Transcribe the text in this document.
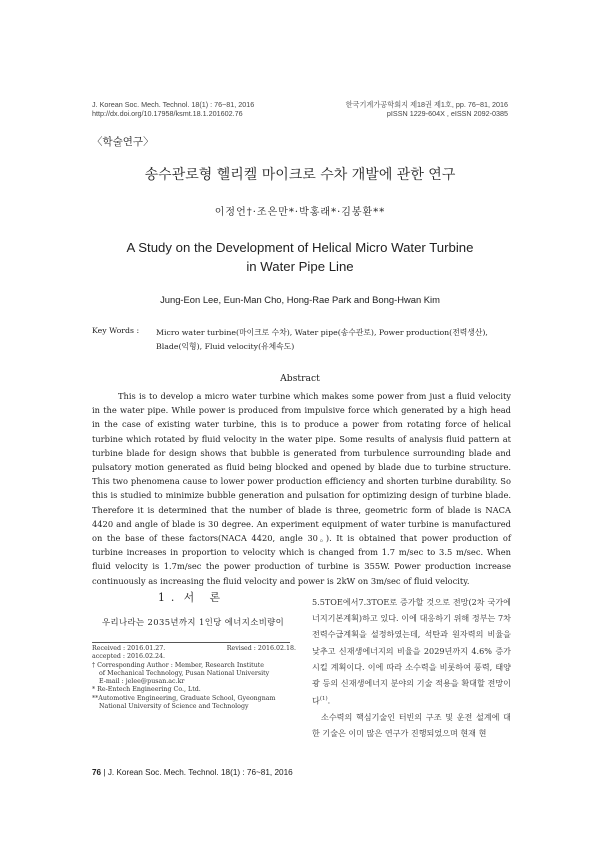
J. Korean Soc. Mech. Technol. 18(1) : 76~81, 2016
http://dx.doi.org/10.17958/ksmt.18.1.201602.76
한국기계가공학회지 제18권 제1호, pp. 76~81, 2016
pISSN 1229-604X , eISSN 2092-0385
〈학술연구〉
송수관로형 헬리켈 마이크로 수차 개발에 관한 연구
이정언†·조은만*·박홍래*·김봉환**
A Study on the Development of Helical Micro Water Turbine in Water Pipe Line
Jung-Eon Lee, Eun-Man Cho, Hong-Rae Park and Bong-Hwan Kim
Key Words : Micro water turbine(마이크로 수차), Water pipe(송수관로), Power production(전력생산), Blade(익형), Fluid velocity(유체속도)
Abstract

This is to develop a micro water turbine which makes some power from just a fluid velocity in the water pipe. While power is produced from impulsive force which generated by a high head in the case of existing water turbine, this is to produce a power from rotating force of helical turbine which rotated by fluid velocity in the water pipe. Some results of analysis fluid pattern at turbine blade for design shows that bubble is generated from turbulence surrounding blade and pulsatory motion generated as fluid being blocked and opened by blade due to turbine structure. This two phenomena cause to lower power production efficiency and shorten turbine durability. So this is studied to minimize bubble generation and pulsation for optimizing design of turbine blade. Therefore it is determined that the number of blade is three, geometric form of blade is NACA 4420 and angle of blade is 30 degree. An experiment equipment of water turbine is manufactured on the base of these factors(NACA 4420, angle 30。). It is obtained that power production of turbine increases in proportion to velocity which is changed from 1.7 m/sec to 3.5 m/sec. When fluid velocity is 1.7m/sec the power production of turbine is 355W. Power production increase continuously as increasing the fluid velocity and power is 2kW on 3m/sec of fluid velocity.

1. 서 론
우리나라는 2035년까지 1인당 에너지소비량이
Received : 2016.01.27.	Revised : 2016.02.18.
accepted : 2016.02.24.
† Corresponding Author : Member, Research Institute
of Mechanical Technology, Pusan National University
E-mail : jelee@pusan.ac.kr
* Re-Entech Engineering Co., Ltd.
**Automotive Engineering, Graduate School, Gyeongnam
National University of Science and Technology

5.5TOE에서7.3TOE로 증가할 것으로 전망(2차 국가에너지기본계획)하고 있다. 이에 대응하기 위해 정부는 7차 전력수급계획을 설정하였는데, 석탄과 원자력의 비율을 낮추고 신재생에너지의 비율을 2029년까지 4.6% 증가시킬 계획이다. 이에 따라 소수력을 비롯하여 풍력, 태양광 등의 신재생에너지 분야의 기술 적용을 확대할 전망이다$^{(1)}$.

소수력의 핵심기술인 터빈의 구조 및 운전 설계에 대한 기술은 이미 많은 연구가 진행되었으며 현재 현

76 | J. Korean Soc. Mech. Technol. 18(1) : 76~81, 2016
